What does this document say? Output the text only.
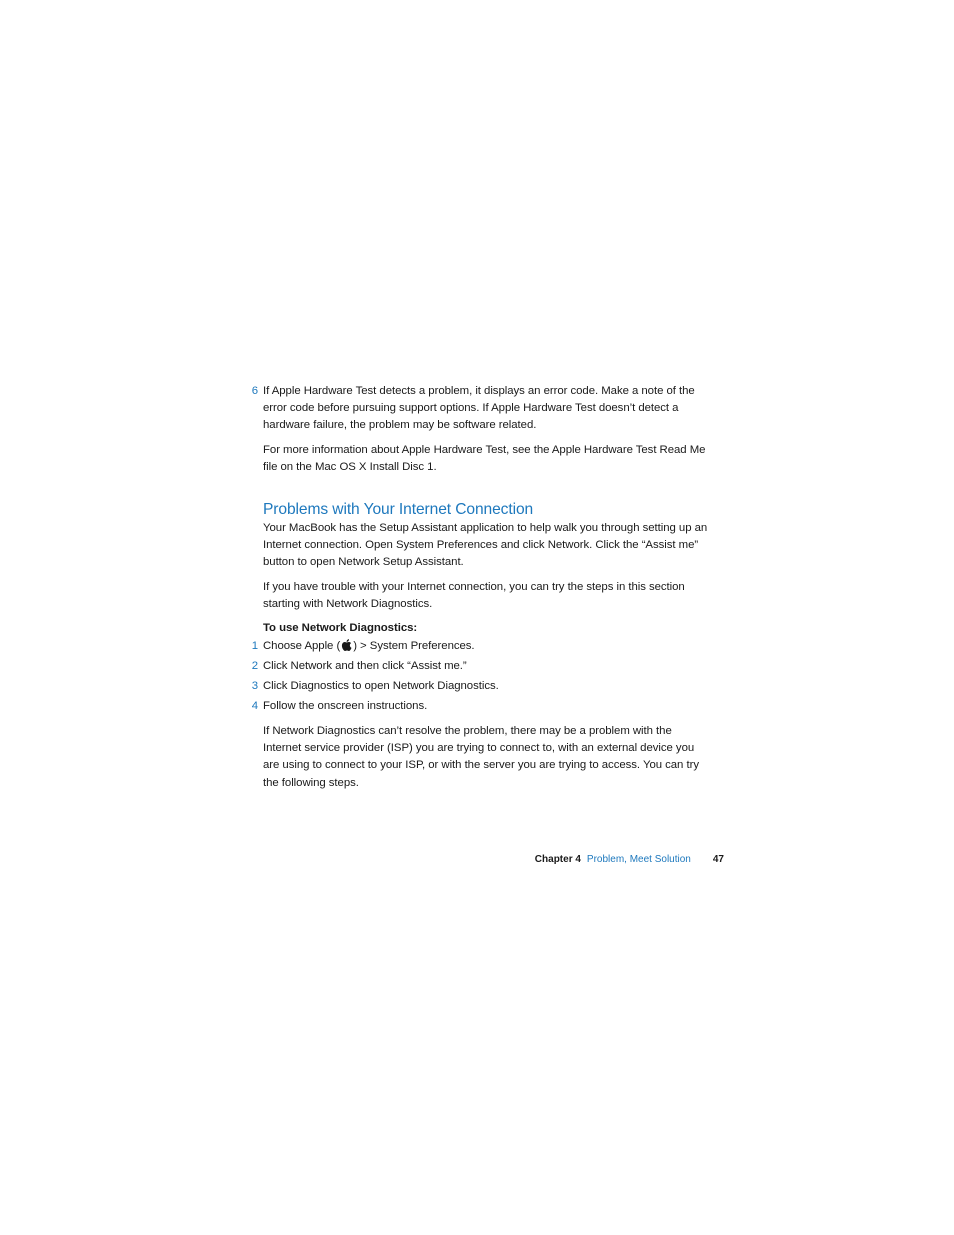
6 If Apple Hardware Test detects a problem, it displays an error code. Make a note of the error code before pursuing support options. If Apple Hardware Test doesn’t detect a hardware failure, the problem may be software related.
For more information about Apple Hardware Test, see the Apple Hardware Test Read Me file on the Mac OS X Install Disc 1.
Problems with Your Internet Connection
Your MacBook has the Setup Assistant application to help walk you through setting up an Internet connection. Open System Preferences and click Network. Click the “Assist me” button to open Network Setup Assistant.
If you have trouble with your Internet connection, you can try the steps in this section starting with Network Diagnostics.
To use Network Diagnostics:
1 Choose Apple ( ) > System Preferences.
2 Click Network and then click “Assist me.”
3 Click Diagnostics to open Network Diagnostics.
4 Follow the onscreen instructions.
If Network Diagnostics can’t resolve the problem, there may be a problem with the Internet service provider (ISP) you are trying to connect to, with an external device you are using to connect to your ISP, or with the server you are trying to access. You can try the following steps.
Chapter 4 Problem, Meet Solution 47
